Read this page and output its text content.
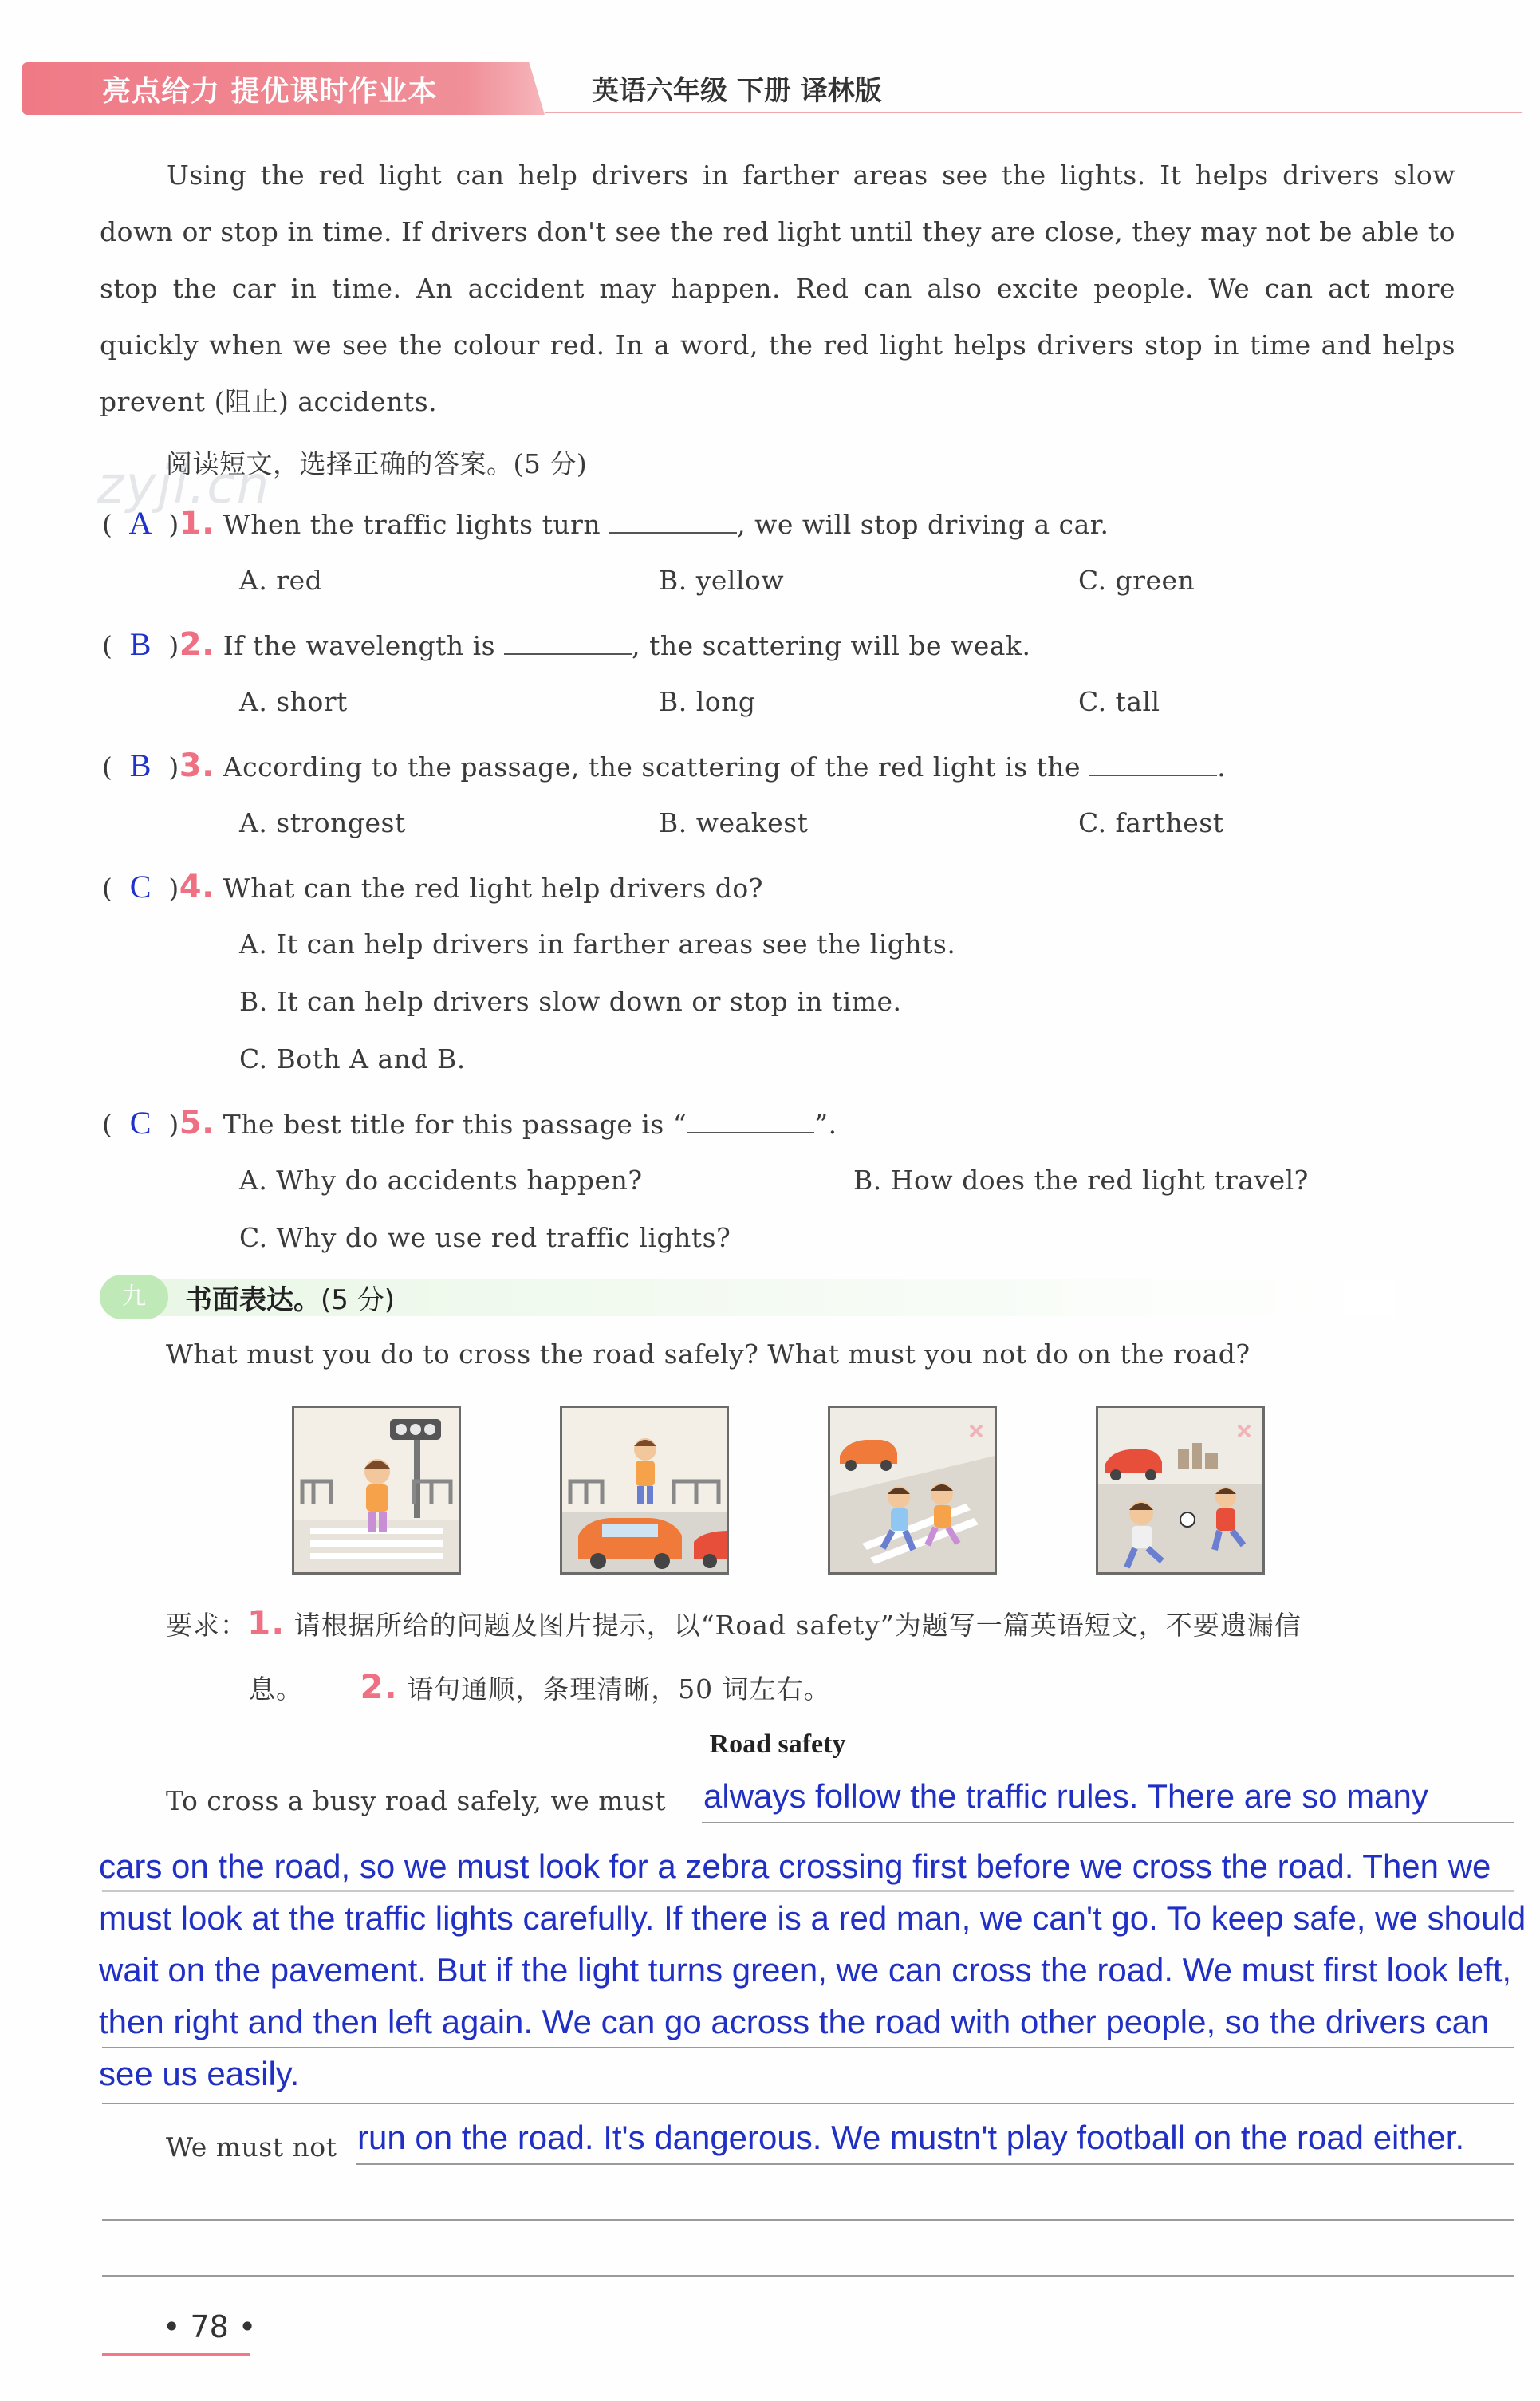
亮点给力 提优课时作业本	英语六年级 下册 译林版
Using the red light can help drivers in farther areas see the lights. It helps drivers slow down or stop in time. If drivers don't see the red light until they are close, they may not be able to stop the car in time. An accident may happen. Red can also excite people. We can act more quickly when we see the colour red. In a word, the red light helps drivers stop in time and helps prevent (阻止) accidents.
zyjl.cn
阅读短文，选择正确的答案。(5 分)
( A )1. When the traffic lights turn	, we will stop driving a car.
A. red	B. yellow	C. green
( B )2. If the wavelength is	, the scattering will be weak.
A. short	B. long	C. tall
( B )3. According to the passage, the scattering of the red light is the	.
A. strongest	B. weakest	C. farthest
( C )4. What can the red light help drivers do?
A. It can help drivers in farther areas see the lights.
B. It can help drivers slow down or stop in time.
C. Both A and B.
( C )5. The best title for this passage is “	”.
A. Why do accidents happen?	B. How does the red light travel?
C. Why do we use red traffic lights?
九	书面表达。(5 分)
What must you do to cross the road safely? What must you not do on the road?
要求：1. 请根据所给的问题及图片提示，以“Road safety”为题写一篇英语短文，不要遗漏信
息。 2. 语句通顺，条理清晰，50 词左右。
Road safety
To cross a busy road safely, we must always follow the traffic rules. There are so many
cars on the road, so we must look for a zebra crossing first before we cross the road. Then we
must look at the traffic lights carefully. If there is a red man, we can't go. To keep safe, we should
wait on the pavement. But if the light turns green, we can cross the road. We must first look left,
then right and then left again. We can go across the road with other people, so the drivers can
see us easily.
We must not run on the road. It's dangerous. We mustn't play football on the road either.
• 78 •
